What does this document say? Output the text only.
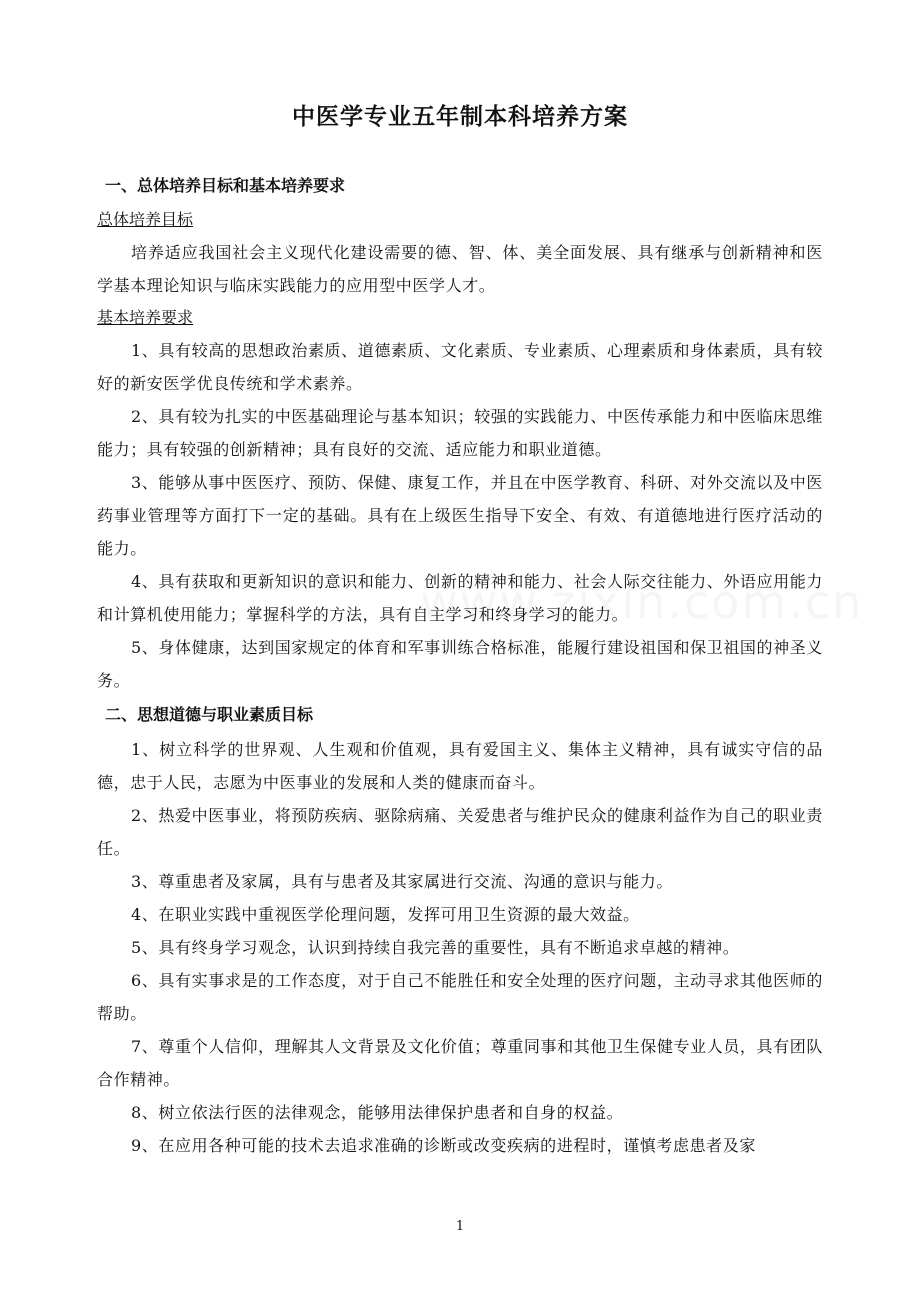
中医学专业五年制本科培养方案
一、总体培养目标和基本培养要求
总体培养目标

培养适应我国社会主义现代化建设需要的德、智、体、美全面发展、具有继承与创新精神和医学基本理论知识与临床实践能力的应用型中医学人才。

基本培养要求

1、具有较高的思想政治素质、道德素质、文化素质、专业素质、心理素质和身体素质，具有较好的新安医学优良传统和学术素养。

2、具有较为扎实的中医基础理论与基本知识；较强的实践能力、中医传承能力和中医临床思维能力；具有较强的创新精神；具有良好的交流、适应能力和职业道德。

3、能够从事中医医疗、预防、保健、康复工作，并且在中医学教育、科研、对外交流以及中医药事业管理等方面打下一定的基础。具有在上级医生指导下安全、有效、有道德地进行医疗活动的能力。

4、具有获取和更新知识的意识和能力、创新的精神和能力、社会人际交往能力、外语应用能力和计算机使用能力；掌握科学的方法，具有自主学习和终身学习的能力。

5、身体健康，达到国家规定的体育和军事训练合格标准，能履行建设祖国和保卫祖国的神圣义务。

二、思想道德与职业素质目标

1、树立科学的世界观、人生观和价值观，具有爱国主义、集体主义精神，具有诚实守信的品德，忠于人民，志愿为中医事业的发展和人类的健康而奋斗。

2、热爱中医事业，将预防疾病、驱除病痛、关爱患者与维护民众的健康利益作为自己的职业责任。

3、尊重患者及家属，具有与患者及其家属进行交流、沟通的意识与能力。

4、在职业实践中重视医学伦理问题，发挥可用卫生资源的最大效益。

5、具有终身学习观念，认识到持续自我完善的重要性，具有不断追求卓越的精神。

6、具有实事求是的工作态度，对于自己不能胜任和安全处理的医疗问题，主动寻求其他医师的帮助。

7、尊重个人信仰，理解其人文背景及文化价值；尊重同事和其他卫生保健专业人员，具有团队合作精神。

8、树立依法行医的法律观念，能够用法律保护患者和自身的权益。

9、在应用各种可能的技术去追求准确的诊断或改变疾病的进程时，谨慎考虑患者及家

1
